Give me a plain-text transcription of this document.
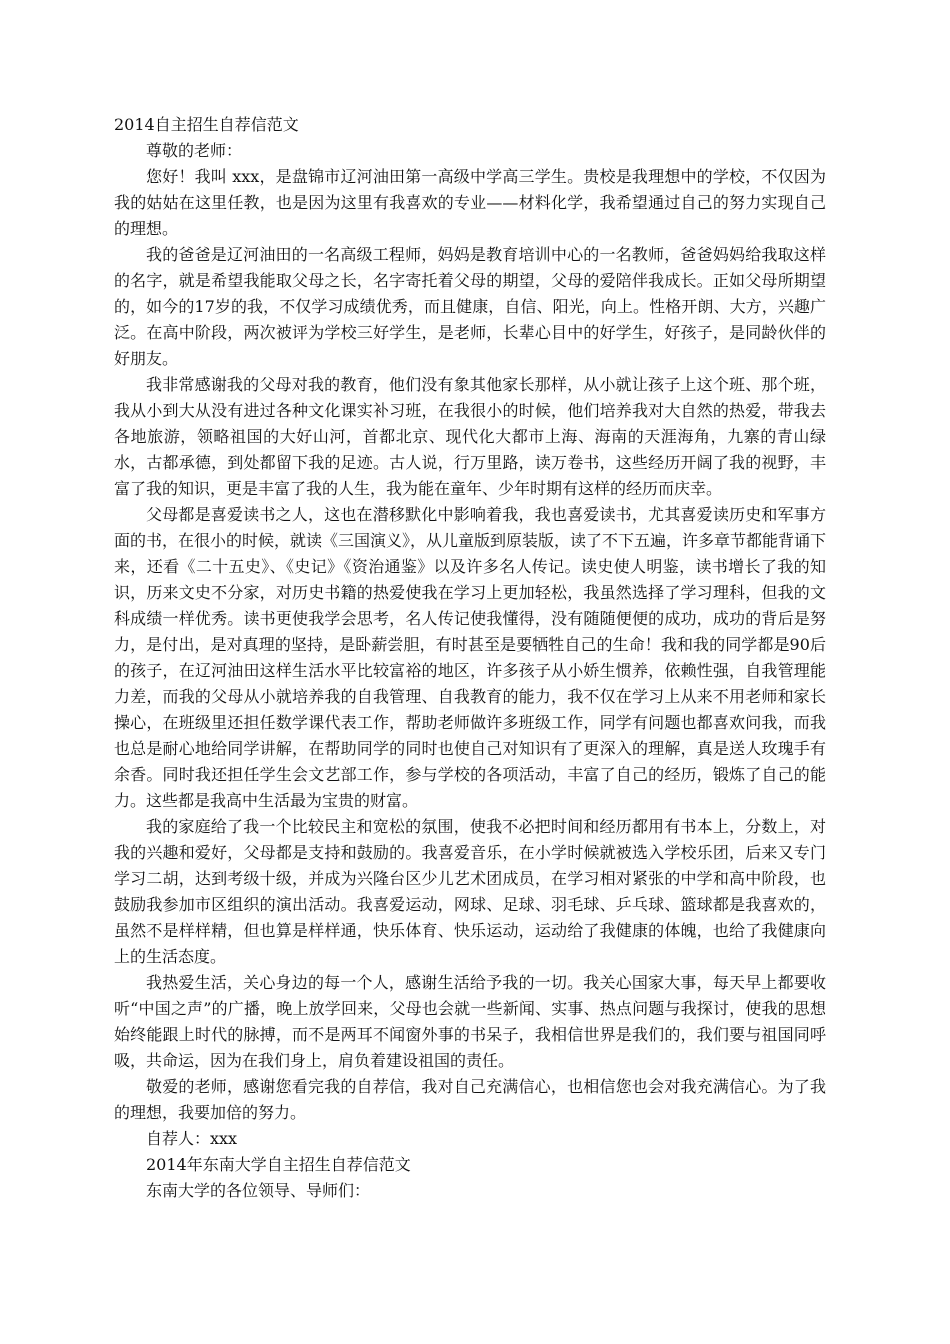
2014自主招生自荐信范文

尊敬的老师：

您好！我叫 xxx，是盘锦市辽河油田第一高级中学高三学生。贵校是我理想中的学校，不仅因为我的姑姑在这里任教，也是因为这里有我喜欢的专业——材料化学，我希望通过自己的努力实现自己的理想。

我的爸爸是辽河油田的一名高级工程师，妈妈是教育培训中心的一名教师，爸爸妈妈给我取这样的名字，就是希望我能取父母之长，名字寄托着父母的期望，父母的爱陪伴我成长。正如父母所期望的，如今的17岁的我，不仅学习成绩优秀，而且健康，自信、阳光，向上。性格开朗、大方，兴趣广泛。在高中阶段，两次被评为学校三好学生，是老师，长辈心目中的好学生，好孩子，是同龄伙伴的好朋友。

我非常感谢我的父母对我的教育，他们没有象其他家长那样，从小就让孩子上这个班、那个班，我从小到大从没有进过各种文化课实补习班，在我很小的时候，他们培养我对大自然的热爱，带我去各地旅游，领略祖国的大好山河，首都北京、现代化大都市上海、海南的天涯海角，九寨的青山绿水，古都承德，到处都留下我的足迹。古人说，行万里路，读万卷书，这些经历开阔了我的视野，丰富了我的知识，更是丰富了我的人生，我为能在童年、少年时期有这样的经历而庆幸。

父母都是喜爱读书之人，这也在潜移默化中影响着我，我也喜爱读书，尤其喜爱读历史和军事方面的书，在很小的时候，就读《三国演义》，从儿童版到原装版，读了不下五遍，许多章节都能背诵下来，还看《二十五史》、《史记》《资治通鉴》以及许多名人传记。读史使人明鉴，读书增长了我的知识，历来文史不分家，对历史书籍的热爱使我在学习上更加轻松，我虽然选择了学习理科，但我的文科成绩一样优秀。读书更使我学会思考，名人传记使我懂得，没有随随便便的成功，成功的背后是努力，是付出，是对真理的坚持，是卧薪尝胆，有时甚至是要牺牲自己的生命！我和我的同学都是90后的孩子，在辽河油田这样生活水平比较富裕的地区，许多孩子从小娇生惯养，依赖性强，自我管理能力差，而我的父母从小就培养我的自我管理、自我教育的能力，我不仅在学习上从来不用老师和家长操心，在班级里还担任数学课代表工作，帮助老师做许多班级工作，同学有问题也都喜欢问我，而我也总是耐心地给同学讲解，在帮助同学的同时也使自己对知识有了更深入的理解，真是送人玫瑰手有余香。同时我还担任学生会文艺部工作，参与学校的各项活动，丰富了自己的经历，锻炼了自己的能力。这些都是我高中生活最为宝贵的财富。

我的家庭给了我一个比较民主和宽松的氛围，使我不必把时间和经历都用有书本上，分数上，对我的兴趣和爱好，父母都是支持和鼓励的。我喜爱音乐，在小学时候就被选入学校乐团，后来又专门学习二胡，达到考级十级，并成为兴隆台区少儿艺术团成员，在学习相对紧张的中学和高中阶段，也鼓励我参加市区组织的演出活动。我喜爱运动，网球、足球、羽毛球、乒乓球、篮球都是我喜欢的，虽然不是样样精，但也算是样样通，快乐体育、快乐运动，运动给了我健康的体魄，也给了我健康向上的生活态度。

我热爱生活，关心身边的每一个人，感谢生活给予我的一切。我关心国家大事，每天早上都要收听“中国之声”的广播，晚上放学回来，父母也会就一些新闻、实事、热点问题与我探讨，使我的思想始终能跟上时代的脉搏，而不是两耳不闻窗外事的书呆子，我相信世界是我们的，我们要与祖国同呼吸，共命运，因为在我们身上，肩负着建设祖国的责任。

敬爱的老师，感谢您看完我的自荐信，我对自己充满信心，也相信您也会对我充满信心。为了我的理想，我要加倍的努力。

自荐人：xxx

2014年东南大学自主招生自荐信范文

东南大学的各位领导、导师们：
